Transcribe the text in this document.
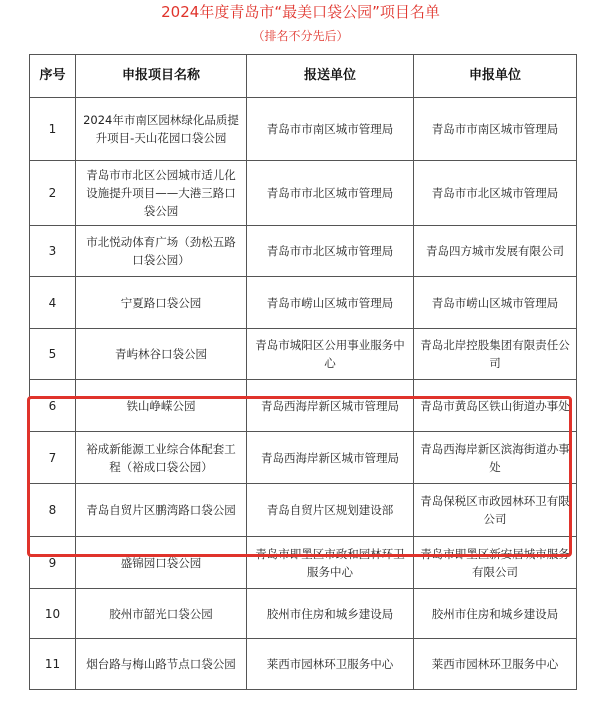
2024年度青岛市“最美口袋公园”项目名单
（排名不分先后）
序号	申报项目名称	报送单位	申报单位
1	2024年市南区园林绿化品质提升项目-天山花园口袋公园	青岛市市南区城市管理局	青岛市市南区城市管理局
2	青岛市市北区公园城市适儿化设施提升项目——大港三路口袋公园	青岛市市北区城市管理局	青岛市市北区城市管理局
3	市北悦动体育广场（劲松五路口袋公园）	青岛市市北区城市管理局	青岛四方城市发展有限公司
4	宁夏路口袋公园	青岛市崂山区城市管理局	青岛市崂山区城市管理局
5	青屿林谷口袋公园	青岛市城阳区公用事业服务中心	青岛北岸控股集团有限责任公司
6	铁山峥嵘公园	青岛西海岸新区城市管理局	青岛市黄岛区铁山街道办事处
7	裕成新能源工业综合体配套工程（裕成口袋公园）	青岛西海岸新区城市管理局	青岛西海岸新区滨海街道办事处
8	青岛自贸片区鹏湾路口袋公园	青岛自贸片区规划建设部	青岛保税区市政园林环卫有限公司
9	盛锦园口袋公园	青岛市即墨区市政和园林环卫服务中心	青岛市即墨区新安居城市服务有限公司
10	胶州市韶光口袋公园	胶州市住房和城乡建设局	胶州市住房和城乡建设局
11	烟台路与梅山路节点口袋公园	莱西市园林环卫服务中心	莱西市园林环卫服务中心
